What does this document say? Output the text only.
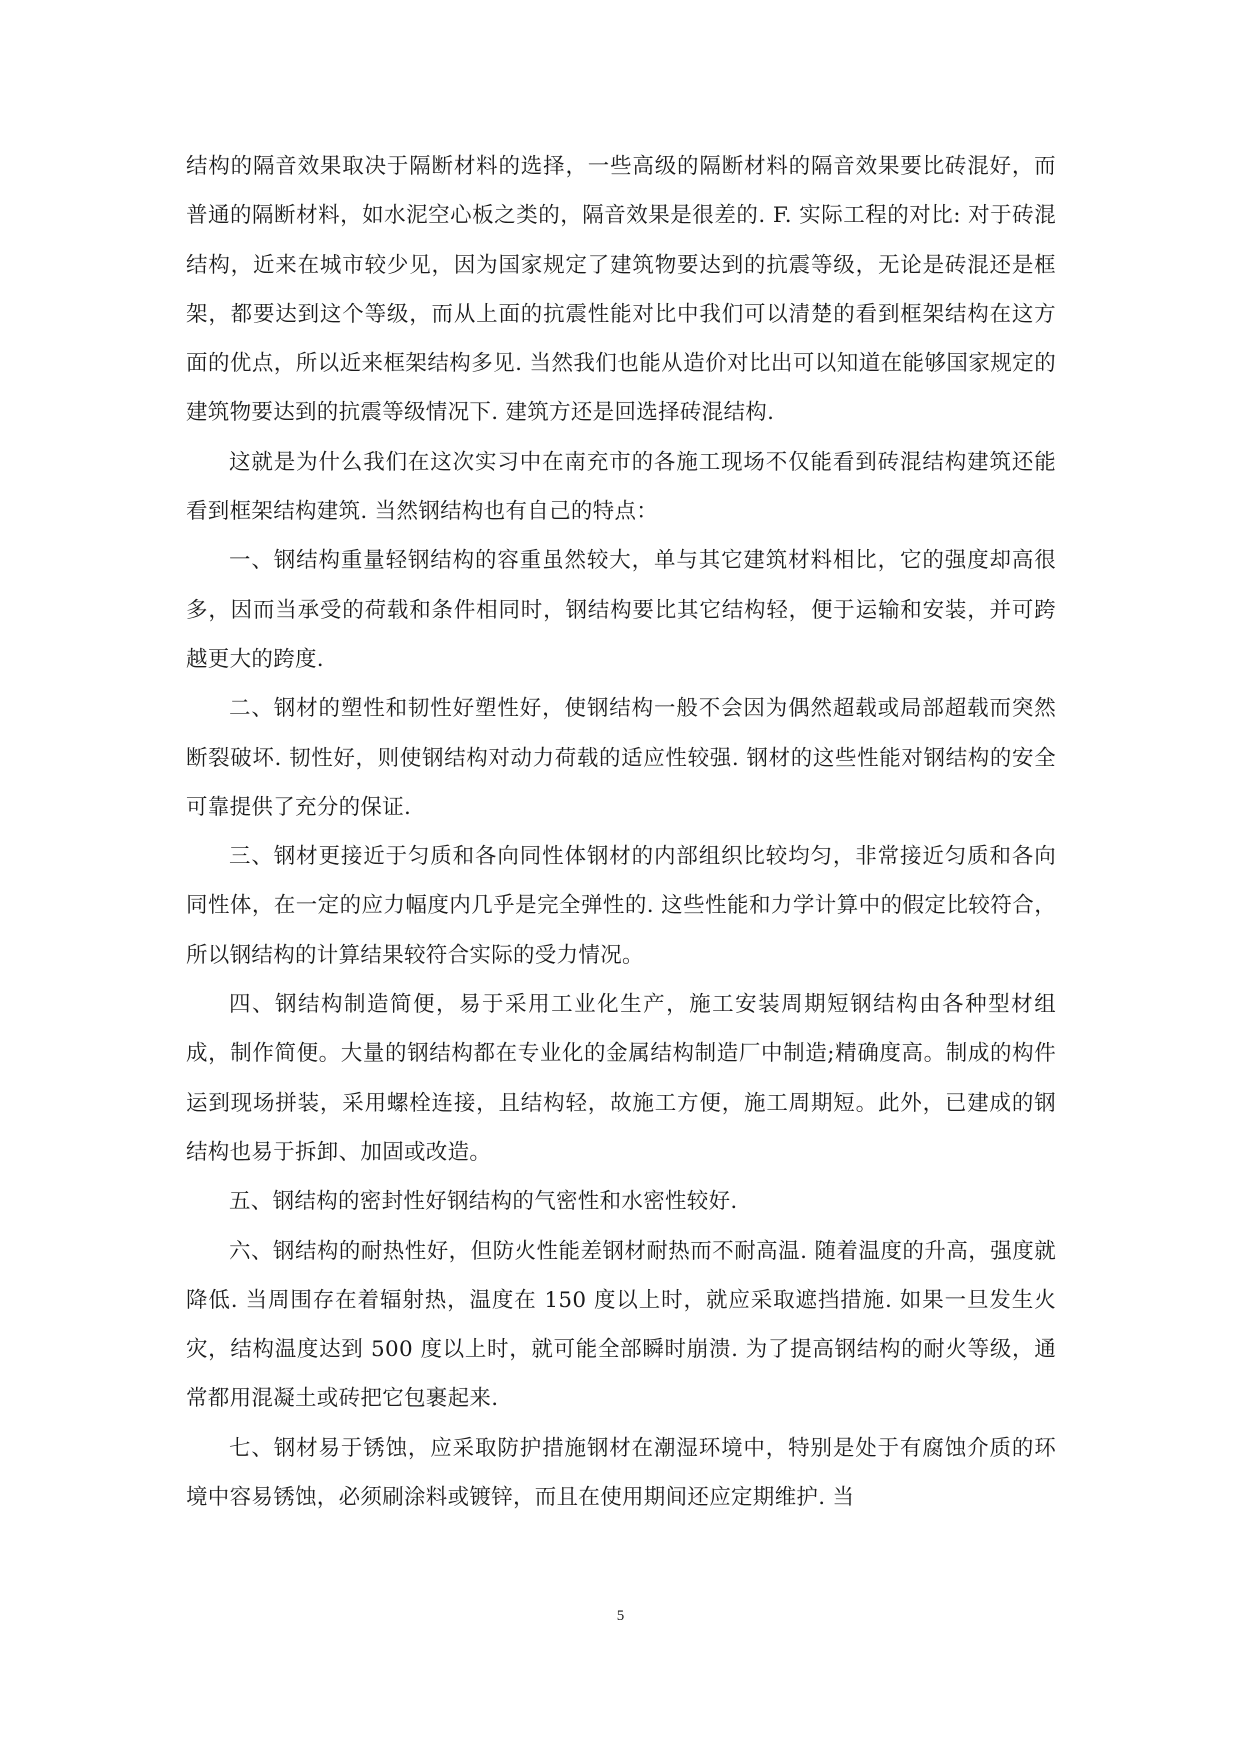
结构的隔音效果取决于隔断材料的选择，一些高级的隔断材料的隔音效果要比砖混好，而普通的隔断材料，如水泥空心板之类的，隔音效果是很差的. F. 实际工程的对比: 对于砖混结构，近来在城市较少见，因为国家规定了建筑物要达到的抗震等级，无论是砖混还是框架，都要达到这个等级，而从上面的抗震性能对比中我们可以清楚的看到框架结构在这方面的优点，所以近来框架结构多见. 当然我们也能从造价对比出可以知道在能够国家规定的建筑物要达到的抗震等级情况下. 建筑方还是回选择砖混结构.

这就是为什么我们在这次实习中在南充市的各施工现场不仅能看到砖混结构建筑还能看到框架结构建筑. 当然钢结构也有自己的特点：

一、钢结构重量轻钢结构的容重虽然较大，单与其它建筑材料相比，它的强度却高很多，因而当承受的荷载和条件相同时，钢结构要比其它结构轻，便于运输和安装，并可跨越更大的跨度.

二、钢材的塑性和韧性好塑性好，使钢结构一般不会因为偶然超载或局部超载而突然断裂破坏. 韧性好，则使钢结构对动力荷载的适应性较强. 钢材的这些性能对钢结构的安全可靠提供了充分的保证.

三、钢材更接近于匀质和各向同性体钢材的内部组织比较均匀，非常接近匀质和各向同性体，在一定的应力幅度内几乎是完全弹性的. 这些性能和力学计算中的假定比较符合，所以钢结构的计算结果较符合实际的受力情况。

四、钢结构制造简便，易于采用工业化生产，施工安装周期短钢结构由各种型材组成，制作简便。大量的钢结构都在专业化的金属结构制造厂中制造;精确度高。制成的构件运到现场拼装，采用螺栓连接，且结构轻，故施工方便，施工周期短。此外，已建成的钢结构也易于拆卸、加固或改造。

五、钢结构的密封性好钢结构的气密性和水密性较好.

六、钢结构的耐热性好，但防火性能差钢材耐热而不耐高温. 随着温度的升高，强度就降低. 当周围存在着辐射热，温度在 150 度以上时，就应采取遮挡措施. 如果一旦发生火灾，结构温度达到 500 度以上时，就可能全部瞬时崩溃. 为了提高钢结构的耐火等级，通常都用混凝土或砖把它包裹起来.

七、钢材易于锈蚀，应采取防护措施钢材在潮湿环境中，特别是处于有腐蚀介质的环境中容易锈蚀，必须刷涂料或镀锌，而且在使用期间还应定期维护. 当

5
